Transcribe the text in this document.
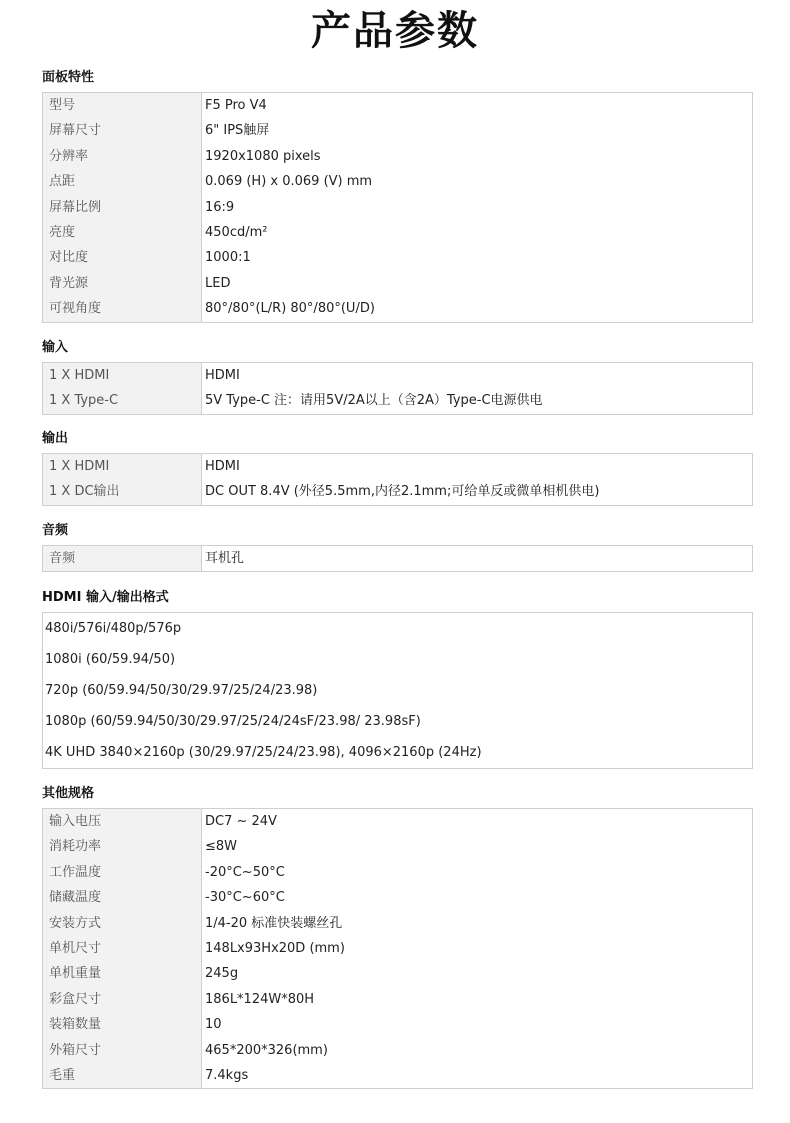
产品参数
面板特性
型号	F5 Pro V4
屏幕尺寸	6" IPS触屏
分辨率	1920x1080 pixels
点距	0.069 (H) x 0.069 (V) mm
屏幕比例	16:9
亮度	450cd/m²
对比度	1000:1
背光源	LED
可视角度	80°/80°(L/R) 80°/80°(U/D)
输入
1 X HDMI	HDMI
1 X Type-C	5V Type-C 注：请用5V/2A以上（含2A）Type-C电源供电
输出
1 X HDMI	HDMI
1 X DC输出	DC OUT 8.4V (外径5.5mm,内径2.1mm;可给单反或微单相机供电)
音频
音频	耳机孔
HDMI 输入/输出格式
480i/576i/480p/576p
1080i (60/59.94/50)
720p (60/59.94/50/30/29.97/25/24/23.98)
1080p (60/59.94/50/30/29.97/25/24/24sF/23.98/ 23.98sF)
4K UHD 3840×2160p (30/29.97/25/24/23.98), 4096×2160p (24Hz)
其他规格
输入电压	DC7 ~ 24V
消耗功率	≤8W
工作温度	-20°C~50°C
储藏温度	-30°C~60°C
安装方式	1/4-20 标准快装螺丝孔
单机尺寸	148Lx93Hx20D (mm)
单机重量	245g
彩盒尺寸	186L*124W*80H
装箱数量	10
外箱尺寸	465*200*326(mm)
毛重	7.4kgs
